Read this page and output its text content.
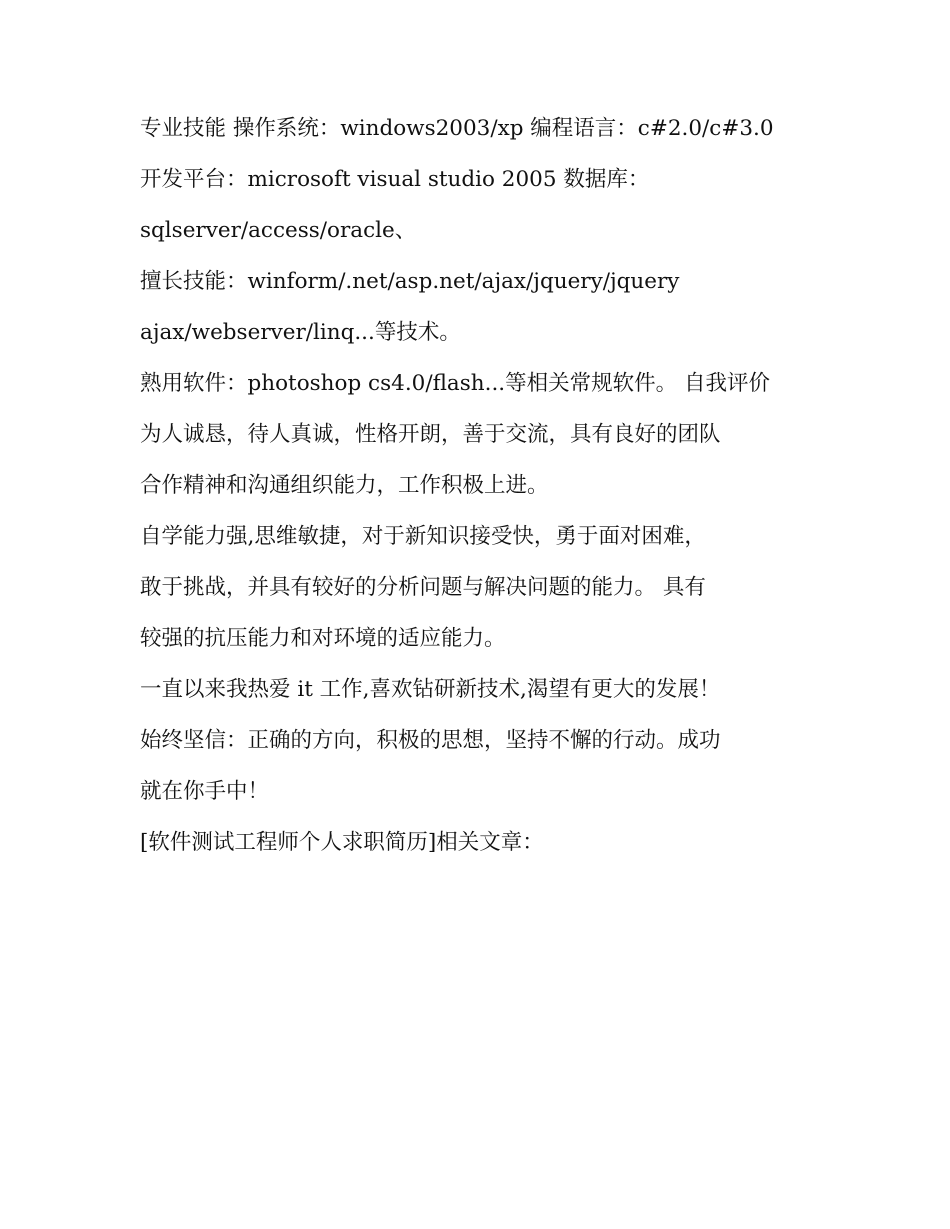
专业技能 操作系统：windows2003/xp 编程语言：c#2.0/c#3.0
开发平台：microsoft visual studio 2005 数据库：
sqlserver/access/oracle、
擅长技能：winform/.net/asp.net/ajax/jquery/jquery
ajax/webserver/linq...等技术。
熟用软件：photoshop cs4.0/flash...等相关常规软件。 自我评价
为人诚恳，待人真诚，性格开朗，善于交流，具有良好的团队
合作精神和沟通组织能力，工作积极上进。
自学能力强,思维敏捷，对于新知识接受快，勇于面对困难，
敢于挑战，并具有较好的分析问题与解决问题的能力。 具有
较强的抗压能力和对环境的适应能力。
一直以来我热爱 it 工作,喜欢钻研新技术,渴望有更大的发展！
始终坚信：正确的方向，积极的思想，坚持不懈的行动。成功
就在你手中！
[软件测试工程师个人求职简历]相关文章：
